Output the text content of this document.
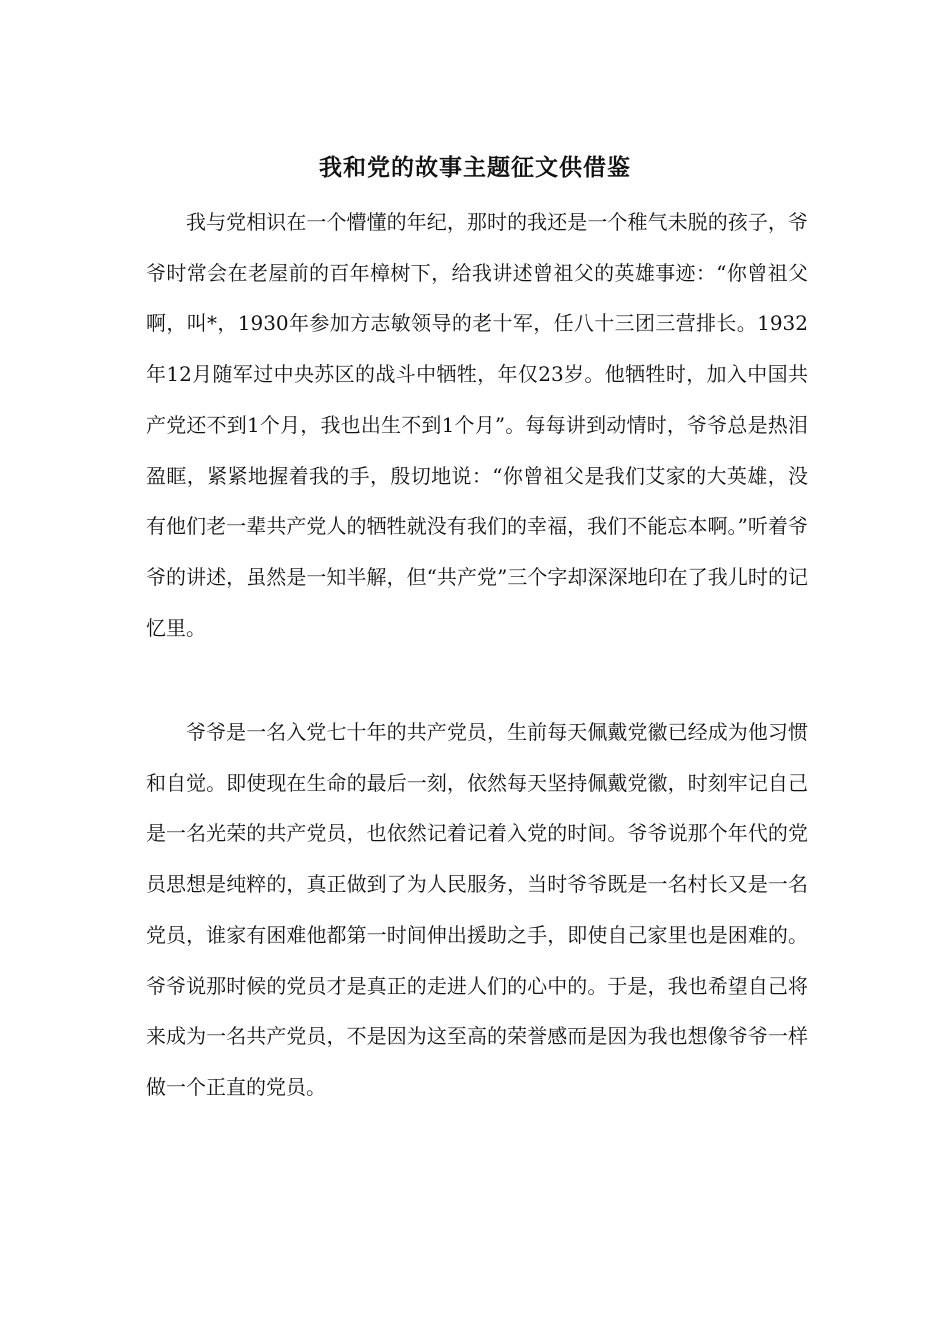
我和党的故事主题征文供借鉴

我与党相识在一个懵懂的年纪，那时的我还是一个稚气未脱的孩子，爷爷时常会在老屋前的百年樟树下，给我讲述曾祖父的英雄事迹：“你曾祖父啊，叫*，1930年参加方志敏领导的老十军，任八十三团三营排长。1932年12月随军过中央苏区的战斗中牺牲，年仅23岁。他牺牲时，加入中国共产党还不到1个月，我也出生不到1个月”。每每讲到动情时，爷爷总是热泪盈眶，紧紧地握着我的手，殷切地说：“你曾祖父是我们艾家的大英雄，没有他们老一辈共产党人的牺牲就没有我们的幸福，我们不能忘本啊。”听着爷爷的讲述，虽然是一知半解，但“共产党”三个字却深深地印在了我儿时的记忆里。

爷爷是一名入党七十年的共产党员，生前每天佩戴党徽已经成为他习惯和自觉。即使现在生命的最后一刻，依然每天坚持佩戴党徽，时刻牢记自己是一名光荣的共产党员，也依然记着记着入党的时间。爷爷说那个年代的党员思想是纯粹的，真正做到了为人民服务，当时爷爷既是一名村长又是一名党员，谁家有困难他都第一时间伸出援助之手，即使自己家里也是困难的。爷爷说那时候的党员才是真正的走进人们的心中的。于是，我也希望自己将来成为一名共产党员，不是因为这至高的荣誉感而是因为我也想像爷爷一样做一个正直的党员。
